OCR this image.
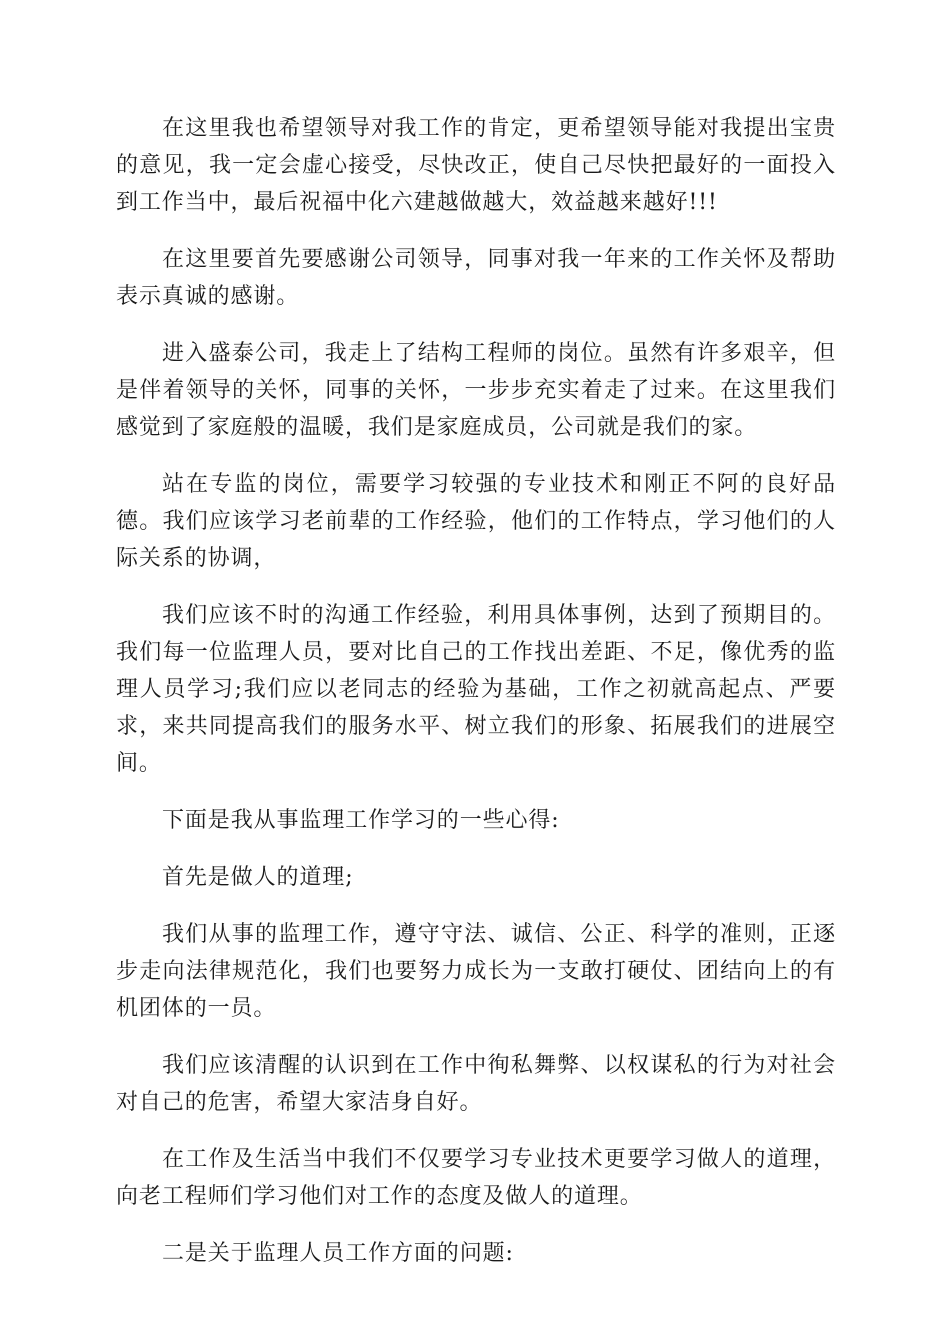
在这里我也希望领导对我工作的肯定，更希望领导能对我提出宝贵的意见，我一定会虚心接受，尽快改正，使自己尽快把最好的一面投入到工作当中，最后祝福中化六建越做越大，效益越来越好!!!

在这里要首先要感谢公司领导，同事对我一年来的工作关怀及帮助表示真诚的感谢。

进入盛泰公司，我走上了结构工程师的岗位。虽然有许多艰辛，但是伴着领导的关怀，同事的关怀，一步步充实着走了过来。在这里我们感觉到了家庭般的温暖，我们是家庭成员，公司就是我们的家。

站在专监的岗位，需要学习较强的专业技术和刚正不阿的良好品德。我们应该学习老前辈的工作经验，他们的工作特点，学习他们的人际关系的协调，

我们应该不时的沟通工作经验，利用具体事例，达到了预期目的。我们每一位监理人员，要对比自己的工作找出差距、不足，像优秀的监理人员学习;我们应以老同志的经验为基础，工作之初就高起点、严要求，来共同提高我们的服务水平、树立我们的形象、拓展我们的进展空间。

下面是我从事监理工作学习的一些心得:

首先是做人的道理;

我们从事的监理工作，遵守守法、诚信、公正、科学的准则，正逐步走向法律规范化，我们也要努力成长为一支敢打硬仗、团结向上的有机团体的一员。

我们应该清醒的认识到在工作中徇私舞弊、以权谋私的行为对社会对自己的危害，希望大家洁身自好。

在工作及生活当中我们不仅要学习专业技术更要学习做人的道理，向老工程师们学习他们对工作的态度及做人的道理。

二是关于监理人员工作方面的问题:
